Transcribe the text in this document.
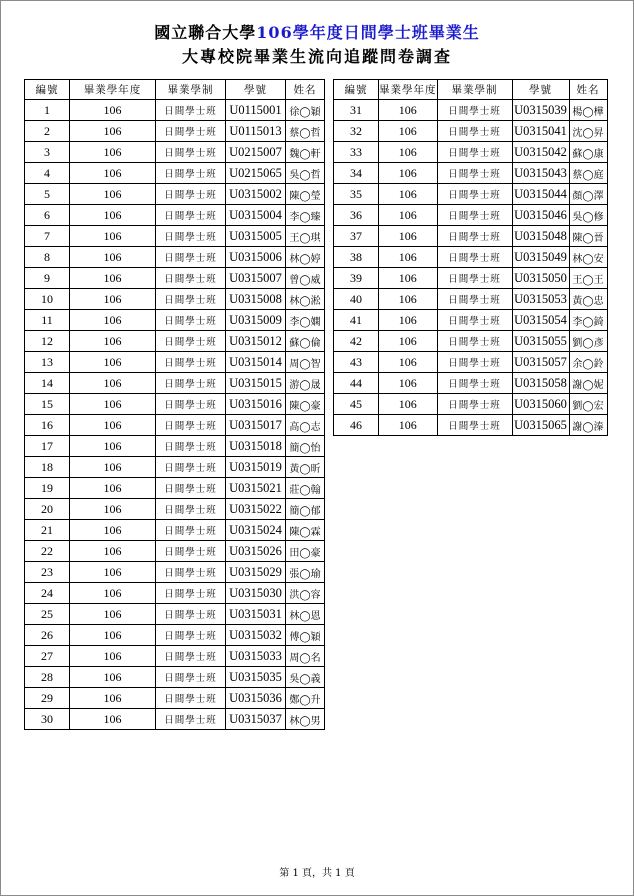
國立聯合大學106學年度日間學士班畢業生
大專校院畢業生流向追蹤問卷調查
編號	畢業學年度	畢業學制	學號	姓名
1	106	日間學士班	U0115001	徐◯穎
2	106	日間學士班	U0115013	蔡◯哲
3	106	日間學士班	U0215007	魏◯軒
4	106	日間學士班	U0215065	吳◯哲
5	106	日間學士班	U0315002	陳◯瑩
6	106	日間學士班	U0315004	李◯臻
7	106	日間學士班	U0315005	王◯琪
8	106	日間學士班	U0315006	林◯婷
9	106	日間學士班	U0315007	曾◯威
10	106	日間學士班	U0315008	林◯淞
11	106	日間學士班	U0315009	李◯嫻
12	106	日間學士班	U0315012	蘇◯倫
13	106	日間學士班	U0315014	周◯智
14	106	日間學士班	U0315015	游◯晟
15	106	日間學士班	U0315016	陳◯豪
16	106	日間學士班	U0315017	高◯志
17	106	日間學士班	U0315018	簡◯怡
18	106	日間學士班	U0315019	黃◯昕
19	106	日間學士班	U0315021	莊◯翰
20	106	日間學士班	U0315022	簡◯郁
21	106	日間學士班	U0315024	陳◯霖
22	106	日間學士班	U0315026	田◯豪
23	106	日間學士班	U0315029	張◯瑜
24	106	日間學士班	U0315030	洪◯容
25	106	日間學士班	U0315031	林◯恩
26	106	日間學士班	U0315032	傅◯穎
27	106	日間學士班	U0315033	周◯名
28	106	日間學士班	U0315035	吳◯義
29	106	日間學士班	U0315036	鄭◯升
30	106	日間學士班	U0315037	林◯男
編號	畢業學年度	畢業學制	學號	姓名
31	106	日間學士班	U0315039	楊◯樺
32	106	日間學士班	U0315041	沈◯昇
33	106	日間學士班	U0315042	蘇◯康
34	106	日間學士班	U0315043	蔡◯庭
35	106	日間學士班	U0315044	顏◯澤
36	106	日間學士班	U0315046	吳◯修
37	106	日間學士班	U0315048	陳◯晉
38	106	日間學士班	U0315049	林◯安
39	106	日間學士班	U0315050	王◯王
40	106	日間學士班	U0315053	黃◯忠
41	106	日間學士班	U0315054	李◯錡
42	106	日間學士班	U0315055	劉◯彥
43	106	日間學士班	U0315057	余◯鈴
44	106	日間學士班	U0315058	謝◯妮
45	106	日間學士班	U0315060	劉◯宏
46	106	日間學士班	U0315065	謝◯溱
第 1 頁，共 1 頁
